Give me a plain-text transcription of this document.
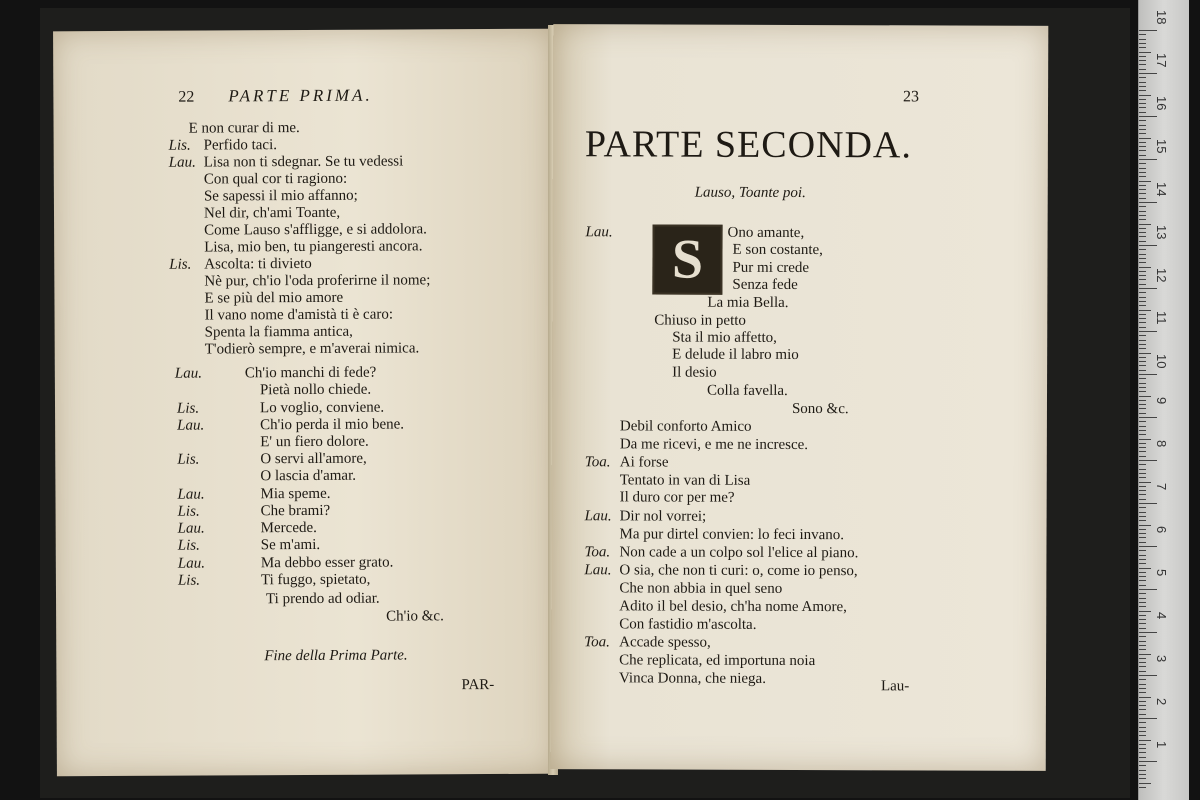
22 PARTE PRIMA.
E non curar di me.
Lis. Perfido taci.
Lau. Lisa non ti sdegnar. Se tu vedessi
Con qual cor ti ragiono:
Se sapessi il mio affanno;
Nel dir, ch'ami Toante,
Come Lauso s'affligge, e si addolora.
Lisa, mio ben, tu piangeresti ancora.
Lis. Ascolta: ti divieto
Nè pur, ch'io l'oda proferirne il nome;
E se più del mio amore
Il vano nome d'amistà ti è caro:
Spenta la fiamma antica,
T'odierò sempre, e m'averai nimica.
Lau.	Ch'io manchi di fede?
Pietà nollo chiede.
Lis.	Lo voglio, conviene.
Lau.	Ch'io perda il mio bene.
E' un fiero dolore.
Lis.	O servi all'amore,
O lascia d'amar.
Lau.	Mia speme.
Lis.	Che brami?
Lau.	Mercede.
Lis.	Se m'ami.
Lau.	Ma debbo esser grato.
Lis.	Ti fuggo, spietato,
Ti prendo ad odiar.
Ch'io &c.
Fine della Prima Parte.
PAR-
23
PARTE SECONDA.
Lauso, Toante poi.
S
Lau.	Ono amante,
E son costante,
Pur mi crede
Senza fede
La mia Bella.
Chiuso in petto
Sta il mio affetto,
E delude il labro mio
Il desio
Colla favella.
Sono &c.
Debil conforto Amico
Da me ricevi, e me ne incresce.
Toa. Ai forse
Tentato in van di Lisa
Il duro cor per me?
Lau. Dir nol vorrei;
Ma pur dirtel convien: lo feci invano.
Toa. Non cade a un colpo sol l'elice al piano.
Lau. O sia, che non ti curi: o, come io penso,
Che non abbia in quel seno
Adito il bel desio, ch'ha nome Amore,
Con fastidio m'ascolta.
Toa. Accade spesso,
Che replicata, ed importuna noia
Vinca Donna, che niega.	Lau-
18
17
16
15
14
13
12
11
10
9
8
7
6
5
4
3
2
1
